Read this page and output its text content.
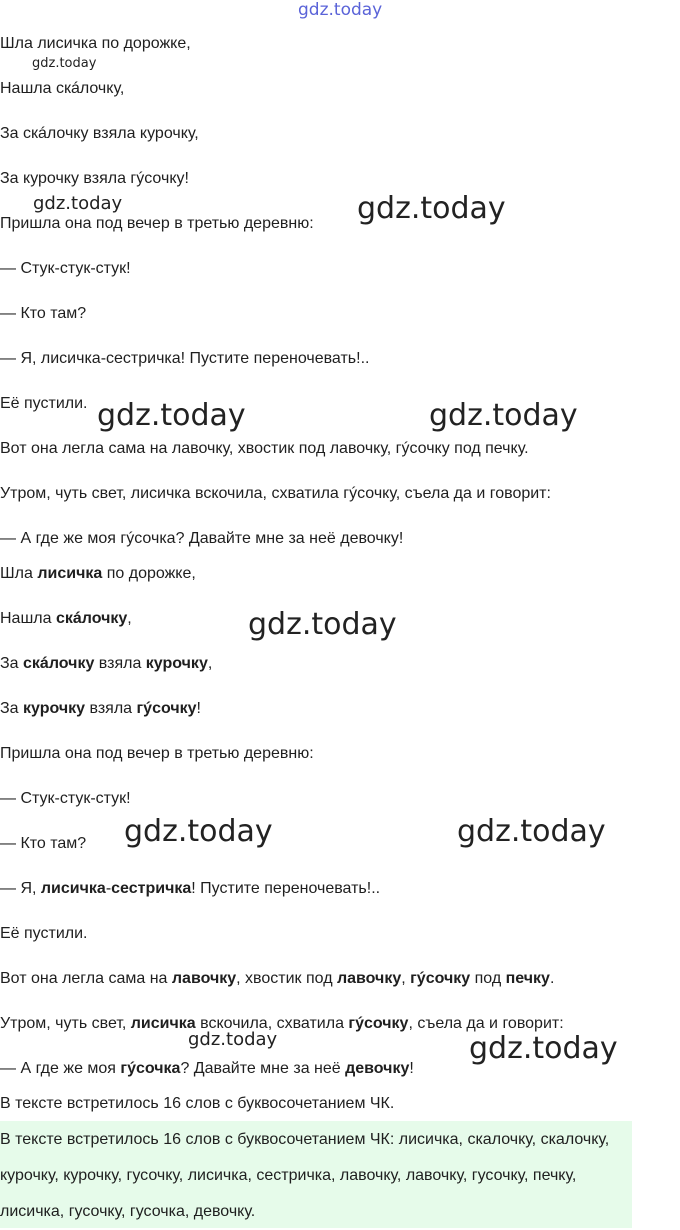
Шла лисичка по дорожке,

Нашла скáлочку,

За скáлочку взяла курочку,

За курочку взяла гýсочку!

Пришла она под вечер в третью деревню:

— Стук-стук-стук!

— Кто там?

— Я, лисичка-сестричка! Пустите переночевать!..

Её пустили.

Вот она легла сама на лавочку, хвостик под лавочку, гýсочку под печку.

Утром, чуть свет, лисичка вскочила, схватила гýсочку, съела да и говорит:

— А где же моя гýсочка? Давайте мне за неё девочку!

Шла лисичка по дорожке,

Нашла скáлочку,

За скáлочку взяла курочку,

За курочку взяла гýсочку!

Пришла она под вечер в третью деревню:

— Стук-стук-стук!

— Кто там?

— Я, лисичка-сестричка! Пустите переночевать!..

Её пустили.

Вот она легла сама на лавочку, хвостик под лавочку, гýсочку под печку.

Утром, чуть свет, лисичка вскочила, схватила гýсочку, съела да и говорит:

— А где же моя гýсочка? Давайте мне за неё девочку!

В тексте встретилось 16 слов с буквосочетанием ЧК.

В тексте встретилось 16 слов с буквосочетанием ЧК: лисичка, скалочку, скалочку, курочку, курочку, гусочку, лисичка, сестричка, лавочку, лавочку, гусочку, печку, лисичка, гусочку, гусочка, девочку.

gdz.today
gdz.today
gdz.today	gdz.today
gdz.today	gdz.today
gdz.today
gdz.today	gdz.today
gdz.today	gdz.today
